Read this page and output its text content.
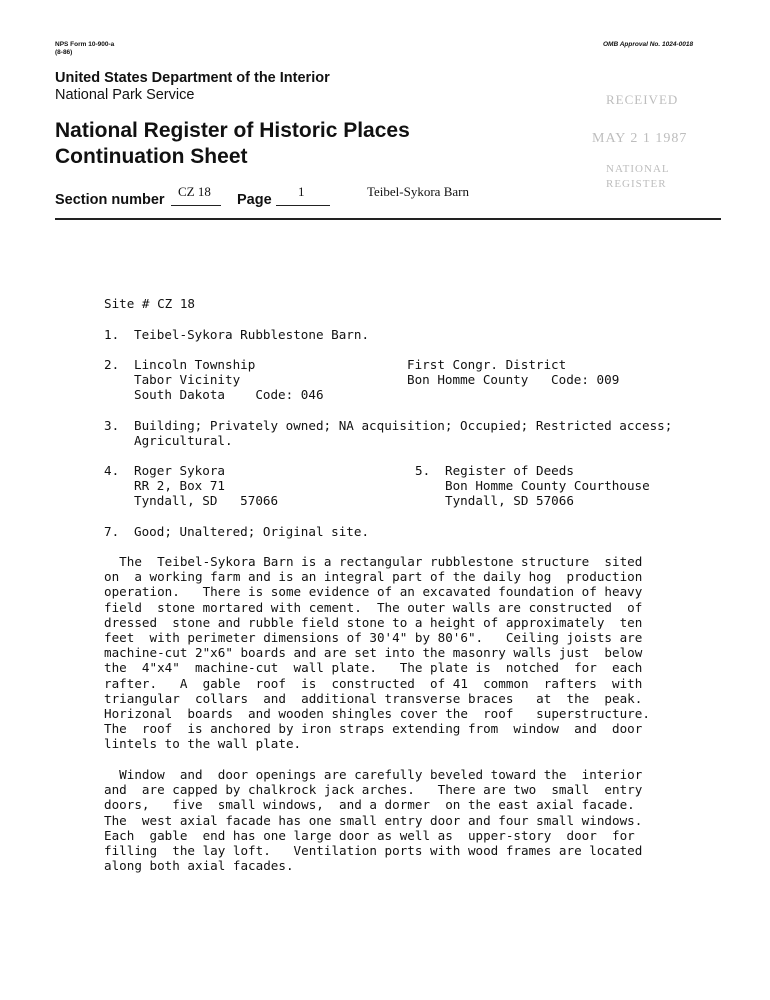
NPS Form 10-900-a
(8-86)
OMB Approval No. 1024-0018
United States Department of the Interior
National Park Service
National Register of Historic Places
Continuation Sheet
RECEIVED
MAY 2 1 1987
NATIONAL
REGISTER
Section number
CZ 18
Page
1	Teibel-Sykora Barn
Site # CZ 18
1. Teibel-Sykora Rubblestone Barn.
2. Lincoln Township
Tabor Vicinity
South Dakota    Code: 046
First Congr. District
Bon Homme County   Code: 009
3. Building; Privately owned; NA acquisition; Occupied; Restricted access;
Agricultural.
4. Roger Sykora
RR 2, Box 71
Tyndall, SD   57066
5. Register of Deeds
Bon Homme County Courthouse
Tyndall, SD 57066
7. Good; Unaltered; Original site.
The  Teibel-Sykora Barn is a rectangular rubblestone structure  sited
on  a working farm and is an integral part of the daily hog  production
operation.   There is some evidence of an excavated foundation of heavy
field  stone mortared with cement.  The outer walls are constructed  of
dressed  stone and rubble field stone to a height of approximately  ten
feet  with perimeter dimensions of 30'4" by 80'6".   Ceiling joists are
machine-cut 2"x6" boards and are set into the masonry walls just  below
the  4"x4"  machine-cut  wall plate.   The plate is  notched  for  each
rafter.   A  gable  roof  is  constructed  of 41  common  rafters  with
triangular  collars  and  additional transverse braces   at  the  peak.
Horizonal  boards  and wooden shingles cover the  roof   superstructure.
The  roof  is anchored by iron straps extending from  window  and  door
lintels to the wall plate.
Window  and  door openings are carefully beveled toward the  interior
and  are capped by chalkrock jack arches.   There are two  small  entry
doors,   five  small windows,  and a dormer  on the east axial facade.
The  west axial facade has one small entry door and four small windows.
Each  gable  end has one large door as well as  upper-story  door  for
filling  the lay loft.   Ventilation ports with wood frames are located
along both axial facades.
